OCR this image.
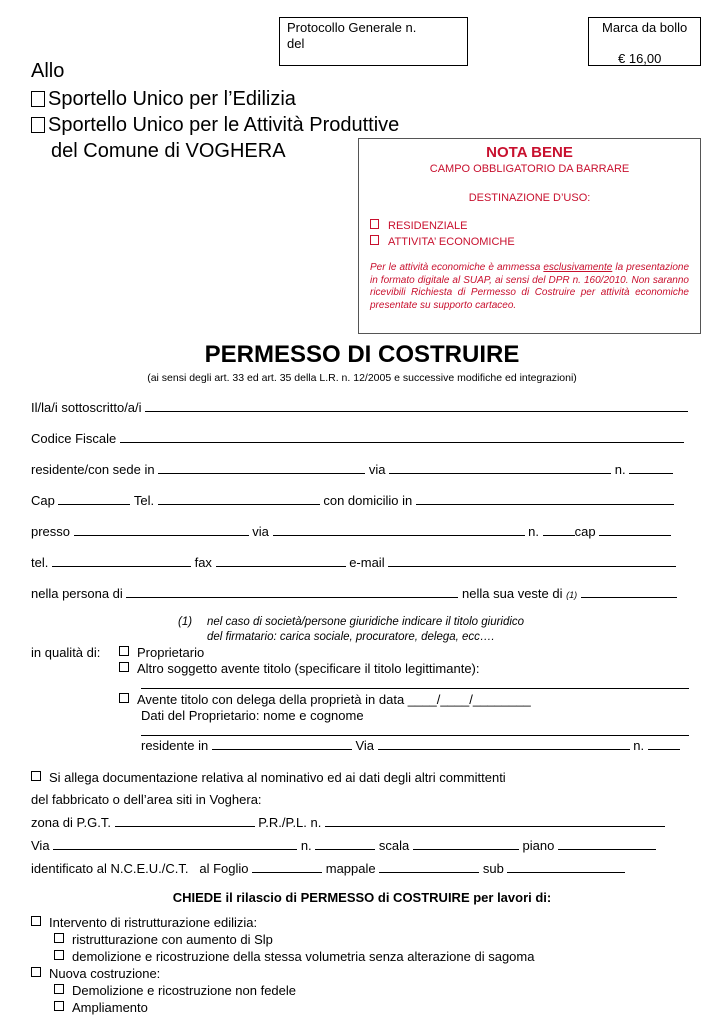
Protocollo Generale n.
del
Marca da bollo
€ 16,00
Allo
Sportello Unico per l’Edilizia
Sportello Unico per le Attività Produttive
del Comune di VOGHERA	NOTA BENE
CAMPO OBBLIGATORIO DA BARRARE
DESTINAZIONE D’USO:
RESIDENZIALE
ATTIVITA’ ECONOMICHE
Per le attività economiche è ammessa esclusivamente la presentazione in formato digitale al SUAP, ai sensi del DPR n. 160/2010. Non saranno ricevibili Richiesta di Permesso di Costruire per attività economiche presentate su supporto cartaceo.
PERMESSO DI COSTRUIRE
(ai sensi degli art. 33 ed art. 35 della L.R. n. 12/2005 e successive modifiche ed integrazioni)
Il/la/i sottoscritto/a/i
Codice Fiscale
residente/con sede in	via	n.
Cap	Tel.	con domicilio in
presso	via	n.	cap
tel.	fax	e-mail
nella persona di	nella sua veste di (1)
(1) nel caso di società/persone giuridiche indicare il titolo giuridico
del firmatario: carica sociale, procuratore, delega, ecc….
in qualità di:	Proprietario
Altro soggetto avente titolo (specificare il titolo legittimante):
Avente titolo con delega della proprietà in data ____/____/________
Dati del Proprietario: nome e cognome
residente in	Via	n.
Si allega documentazione relativa al nominativo ed ai dati degli altri committenti
del fabbricato o dell’area siti in Voghera:
zona di P.G.T.	P.R./P.L. n.
Via	n.	scala	piano
identificato al N.C.E.U./C.T. al Foglio	mappale	sub
CHIEDE il rilascio di PERMESSO di COSTRUIRE per lavori di:
Intervento di ristrutturazione edilizia:
ristrutturazione con aumento di Slp
demolizione e ricostruzione della stessa volumetria senza alterazione di sagoma
Nuova costruzione:
Demolizione e ricostruzione non fedele
Ampliamento
